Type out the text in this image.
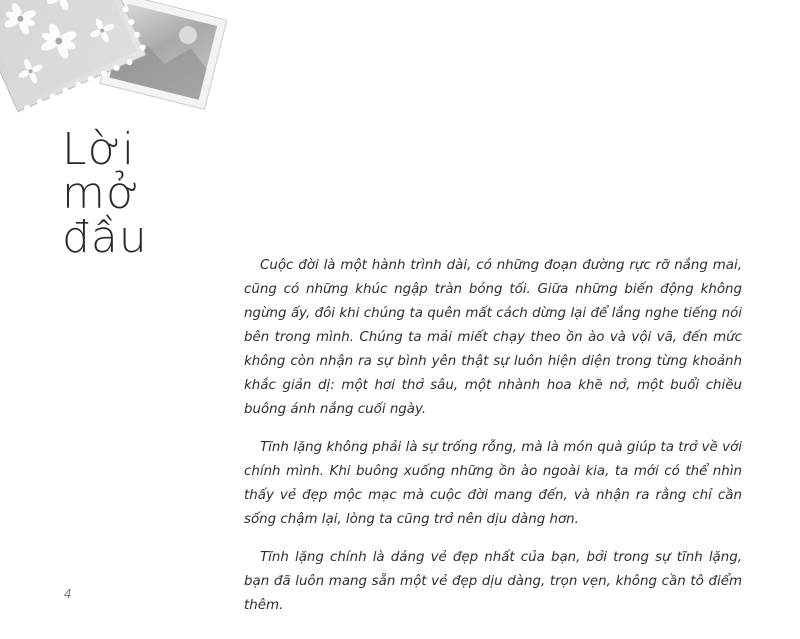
Lời
mở
đầu

Cuộc đời là một hành trình dài, có những đoạn đường rực rỡ nắng mai, cũng có những khúc ngập tràn bóng tối. Giữa những biến động không ngừng ấy, đôi khi chúng ta quên mất cách dừng lại để lắng nghe tiếng nói bên trong mình. Chúng ta mải miết chạy theo ồn ào và vội vã, đến mức không còn nhận ra sự bình yên thật sự luôn hiện diện trong từng khoảnh khắc giản dị: một hơi thở sâu, một nhành hoa khẽ nở, một buổi chiều buông ánh nắng cuối ngày.

Tĩnh lặng không phải là sự trống rỗng, mà là món quà giúp ta trở về với chính mình. Khi buông xuống những ồn ào ngoài kia, ta mới có thể nhìn thấy vẻ đẹp mộc mạc mà cuộc đời mang đến, và nhận ra rằng chỉ cần sống chậm lại, lòng ta cũng trở nên dịu dàng hơn.

Tĩnh lặng chính là dáng vẻ đẹp nhất của bạn, bởi trong sự tĩnh lặng, bạn đã luôn mang sẵn một vẻ đẹp dịu dàng, trọn vẹn, không cần tô điểm thêm.

4
